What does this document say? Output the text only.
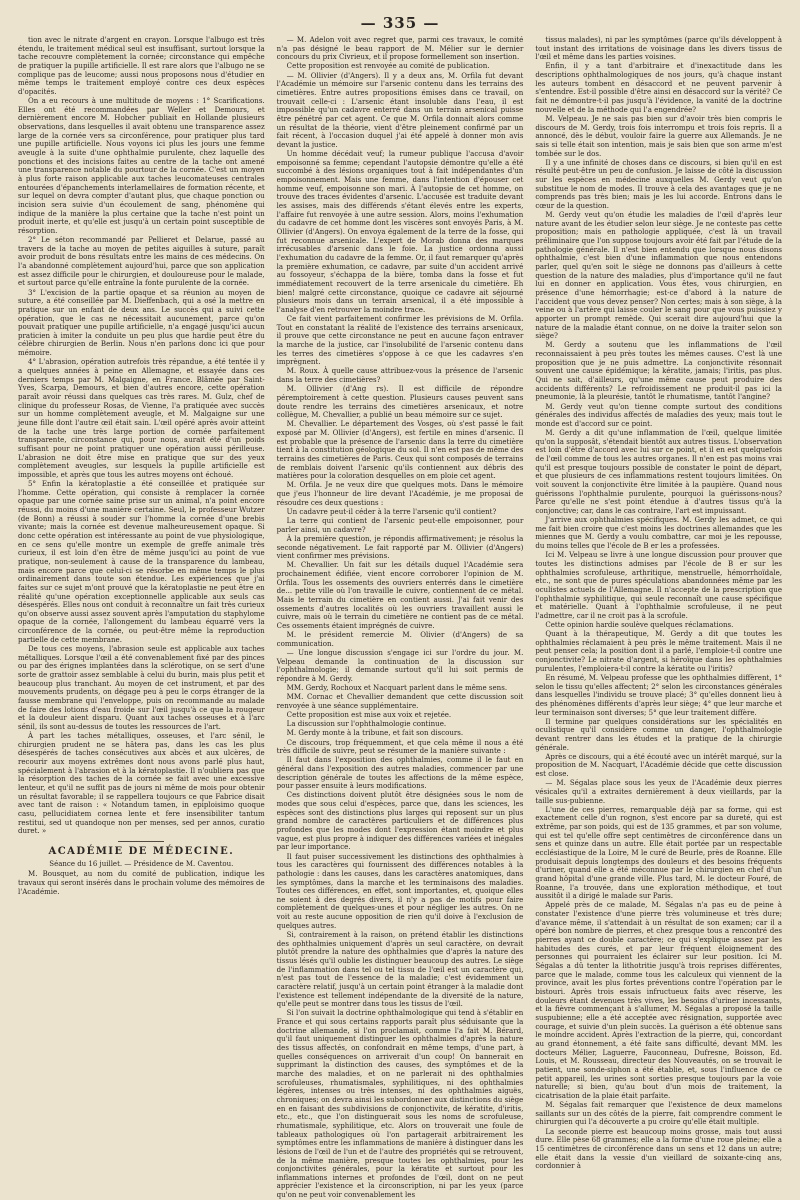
— 335 —

tion avec le nitrate d'argent en crayon. Lorsque l'albugo est très étendu, le traitement médical seul est insuffisant, surtout lorsque la tache recouvre complètement la cornée; circonstance qui empêche de pratiquer la pupille artificielle. Il est rare alors que l'albugo ne se complique pas de leucome; aussi nous proposons nous d'étudier en même temps le traitement employé contre ces deux espèces d'opacités.

On a eu recours à une multitude de moyens : 1° Scarifications. Elles ont été recommandées par Weller et Demours, et dernièrement encore M. Hobcher publiait en Hollande plusieurs observations, dans lesquelles il avait obtenu une transparence assez large de la cornée vers sa circonférence, pour pratiquer plus tard une pupille artificielle. Nous voyons ici plus les jours une femme aveugle à la suite d'une ophthalmie purulente, chez laquelle des ponctions et des incisions faites au centre de la tache ont amené une transparence notable du pourtour de la cornée. C'est un moyen à plus forte raison applicable aux taches leucomateuses centrales entourées d'épanchements interlamellaires de formation récente, et sur lequel on devra compter d'autant plus, que chaque ponction ou incision sera suivie d'un écoulement de sang, phénomène qui indique de la manière la plus certaine que la tache n'est point un produit inerte, et qu'elle est jusqu'à un certain point susceptible de résorption.

2° Le séton recommandé par Pellieret et Delarue, passé au travers de la tache au moyen de petites aiguilles à suture, paraît avoir produit de bons résultats entre les mains de ces médecins. On l'a abandonné complètement aujourd'hui, parce que son application est assez difficile pour le chirurgien, et douloureuse pour le malade, et surtout parce qu'elle entraîne la fonte purulente de la cornée.

3° L'excision de la partie opaque et sa réunion au moyen de suture, a été conseillée par M. Dieffenbach, qui a osé la mettre en pratique sur un enfant de deux ans. Le succès qui a suivi cette opération, que le cas ne nécessitait aucunement, parce qu'on pouvait pratiquer une pupille artificielle, n'a engagé jusqu'ici aucun praticien à imiter la conduite un peu plus que hardie peut être du célèbre chirurgien de Berlin. Nous n'en parlons donc ici que pour mémoire.

4° L'abrasion, opération autrefois très répandue, a été tentée il y a quelques années à peine en Allemagne, et essayée dans ces derniers temps par M. Malgaigne, en France. Blâmée par Saint-Yves, Scarpa, Demours, et bien d'autres encore, cette opération paraît avoir réussi dans quelques cas très rares. M. Gulz, chef de clinique du professeur Rosas, de Vienne, l'a pratiquée avec succès sur un homme complètement aveugle, et M. Malgaigne sur une jeune fille dont l'autre œil était sain. L'œil opéré après avoir atteint de la tache une très large portion de cornée parfaitement transparente, circonstance qui, pour nous, aurait été d'un poids suffisant pour ne point pratiquer une opération aussi périlleuse. L'abrasion ne doit être mise en pratique que sur des yeux complètement aveugles, sur lesquels la pupille artificielle est impossible, et après que tous les autres moyens ont échoué.

5° Enfin la kératoplastie a été conseillée et pratiquée sur l'homme. Cette opération, qui consiste à remplacer la cornée opaque par une cornée saine prise sur un animal, n'a point encore réussi, du moins d'une manière certaine. Seul, le professeur Wutzer (de Bonn) a réussi à souder sur l'homme la cornée d'une brebis vivante; mais la cornée est devenue malheureusement opaque. Si donc cette opération est intéressante au point de vue physiologique, en ce sens qu'elle montre un exemple de greffe animale très curieux, il est loin d'en être de même jusqu'ici au point de vue pratique, non-seulement à cause de la transparence du lambeau, mais encore parce que celui-ci se résorbe en même temps le plus ordinairement dans toute son étendue. Les expériences que j'ai faites sur ce sujet m'ont prouvé que la kératoplastie ne peut être en réalité qu'une opération exceptionnelle applicable aux seuls cas désespérés. Elles nous ont conduit à reconnaître un fait très curieux qu'on observe aussi assez souvent après l'amputation du staphylome opaque de la cornée, l'allongement du lambeau équarré vers la circonférence de la cornée, ou peut-être même la reproduction partielle de cette membrane.

De tous ces moyens, l'abrasion seule est applicable aux taches métalliques. Lorsque l'œil a été convenablement fixé par des pinces ou par des érignes implantées dans la sclérotique, on se sert d'une sorte de grattoir assez semblable à celui du burin, mais plus petit et beaucoup plus tranchant. Au moyen de cet instrument, et par des mouvements prudents, on dégage peu à peu le corps étranger de la fausse membrane qui l'enveloppe, puis on recommande au malade de faire des lotions d'eau froide sur l'œil jusqu'à ce que la rougeur et la douleur aient disparu. Quant aux taches osseuses et à l'arc sénil, ils sont au-dessus de toutes les ressources de l'art.

À part les taches métalliques, osseuses, et l'arc sénil, le chirurgien prudent ne se hâtera pas, dans les cas les plus désespérés de taches consécutives aux abcès et aux ulcères, de recourir aux moyens extrêmes dont nous avons parlé plus haut, spécialement à l'abrasion et à la kératoplastie. Il n'oubliera pas que la résorption des taches de la cornée se fait avec une excessive lenteur, et qu'il ne suffit pas de jours ni même de mois pour obtenir un résultat favorable; il se rappellera toujours ce que Fabrice disait avec tant de raison : « Notandum tamen, in epiploisimo quoque casu, pellucidiatem cornea lente et fere insensibiliter tantum restitui, sed ut quandoque non per menses, sed per annos, curatio duret. »

ACADÉMIE DE MÉDECINE.
Séance du 16 juillet. — Présidence de M. Caventou.

M. Bousquet, au nom du comité de publication, indique les travaux qui seront insérés dans le prochain volume des mémoires de l'Académie.

— M. Adelon voit avec regret que, parmi ces travaux, le comité n'a pas désigné le beau rapport de M. Mélier sur le dernier concours du prix Civrieux, et il propose formellement son insertion.

Cette proposition est renvoyée au comité de publication.

— M. Ollivier (d'Angers). Il y a deux ans, M. Orfila fut devant l'Académie un mémoire sur l'arsenic contenu dans les terrains des cimetières. Entre autres propositions émises dans ce travail, on trouvait celle-ci : L'arsenic étant insoluble dans l'eau, il est impossible qu'un cadavre enterré dans un terrain arsenical puisse être pénétré par cet agent. Ce que M. Orfila donnait alors comme un résultat de la théorie, vient d'être pleinement confirmé par un fait récent, à l'occasion duquel j'ai été appelé à donner mon avis devant la justice.

Un homme décédait veuf; la rumeur publique l'accusa d'avoir empoisonné sa femme; cependant l'autopsie démontre qu'elle a été succombé à des lésions organiques tout à fait indépendantes d'un empoisonnement. Mais une femme, dans l'intention d'épouser cet homme veuf, empoisonne son mari. À l'autopsie de cet homme, on trouve des traces évidentes d'arsenic. L'accusée est traduite devant les assises, mais des différends s'étant élevés entre les experts, l'affaire fut renvoyée à une autre session. Alors, moins l'exhumation du cadavre de cet homme dont les viscères sont envoyés Paris, à M. Ollivier (d'Angers). On envoya également de la terre de la fosse, qui fut reconnue arsenicale. L'expert de Morab donna des marques irrécusables d'arsenic dans le foie. La justice ordonna aussi l'exhumation du cadavre de la femme. Or, il faut remarquer qu'après la première exhumation, ce cadavre, par suite d'un accident arrivé au fossoyeur, s'échappa de la bière, tomba dans la fosse et fut immédiatement recouvert de la terre arsenicale du cimetière. Eh bien! malgré cette circonstance, quoique ce cadavre ait séjourné plusieurs mois dans un terrain arsenical, il a été impossible à l'analyse d'en retrouver la moindre trace.

Ce fait vient parfaitement confirmer les prévisions de M. Orfila. Tout en constatant la réalité de l'existence des terrains arsenicaux, il prouve que cette circonstance ne peut en aucune façon entraver la marche de la justice, car l'insolubilité de l'arsenic contenu dans les terres des cimetières s'oppose à ce que les cadavres s'en imprègnent.

M. Roux. À quelle cause attribuez-vous la présence de l'arsenic dans la terre des cimetières?

M. Ollivier (d'Ang rs). Il est difficile de répondre péremptoirement à cette question. Plusieurs causes peuvent sans doute rendre les terrains des cimetières arsenicaux, et notre collègue, M. Chevallier, a publié un beau mémoire sur ce sujet.

M. Chevallier. Le département des Vosges, où s'est passé le fait exposé par M. Ollivier (d'Angers), est fertile en mines d'arsenic. Il est probable que la présence de l'arsenic dans la terre du cimetière tient à la constitution géologique du sol. Il n'en est pas de même des terrains des cimetières de Paris. Ceux qui sont composés de terrains de remblais doivent l'arsenic qu'ils contiennent aux débris des matières pour la coloration desquelles on em ploie cet agent.

M. Orfila. Je ne veux dire que quelques mots. Dans le mémoire que j'eus l'honneur de lire devant l'Académie, je me proposai de résoudre ces deux questions :

Un cadavre peut-il céder à la terre l'arsenic qu'il contient?

La terre qui contient de l'arsenic peut-elle empoisonner, pour parler ainsi, un cadavre?

À la première question, je répondis affirmativement; je résolus la seconde négativement. Le fait rapporté par M. Ollivier (d'Angers) vient confirmer mes prévisions.

M. Chevallier. Un fait sur les détails duquel l'Académie sera prochainement édifiée, vient encore corroborer l'opinion de M. Orfila. Tous les ossements des ouvriers enterrés dans le cimetière de... petite ville où l'on travaille le cuivre, contiennent de ce métal. Mais le terrain du cimetière en contient aussi. J'ai fait venir des ossements d'autres localités où les ouvriers travaillent aussi le cuivre, mais où le terrain du cimetière ne contient pas de ce métal. Ces ossements étaient imprégnés de cuivre.

M. le président remercie M. Olivier (d'Angers) de sa communication.

— Une longue discussion s'engage ici sur l'ordre du jour. M. Velpeau demande la continuation de la discussion sur l'ophthalmologie; il demande surtout qu'il lui soit permis de répondre à M. Gerdy.

MM. Gerdy, Rochoux et Nacquart parlent dans le même sens.

MM. Cornac et Chevallier demandent que cette discussion soit renvoyée à une séance supplémentaire.

Cette proposition est mise aux voix et rejetée.

La discussion sur l'ophthalmologie continue.

M. Gerdy monte à la tribune, et fait son discours.

Ce discours, trop fréquemment, et que cela même il nous a été très difficile de suivre, peut se résumer de la manière suivante :

Il faut dans l'exposition des ophthalmies, comme il le faut en général dans l'exposition des autres maladies, commencer par une description générale de toutes les affections de la même espèce, pour passer ensuite à leurs modifications.

Ces distinctions doivent plutôt être désignées sous le nom de modes que sous celui d'espèces, parce que, dans les sciences, les espèces sont des distinctions plus larges qui reposent sur un plus grand nombre de caractères particuliers et de différences plus profondes que les modes dont l'expression étant moindre et plus vague, est plus propre à indiquer des différences variées et inégales par leur importance.

Il faut puiser successivement les distinctions des ophthalmies à tous les caractères qui fournissent des différences notables à la pathologie : dans les causes, dans les caractères anatomiques, dans les symptômes, dans la marche et les terminaisons des maladies. Toutes ces différences, en effet, sont importantes, et, quoique elles ne soient à des degrés divers, il n'y a pas de motifs pour faire complètement de quelques-unes et pour négliger les autres. On ne voit au reste aucune opposition de rien qu'il doive à l'exclusion de quelques autres.

Si, contrairement à la raison, on prétend établir les distinctions des ophthalmies uniquement d'après un seul caractère, on devrait plutôt prendre la nature des ophthalmies que d'après la nature des tissus lésés qu'il oublie les distinguer beaucoup des autres. Le siège de l'inflammation dans tel ou tel tissu de l'œil est un caractère qui, n'est pas tout de l'essence de la maladie; c'est évidemment un caractère relatif, jusqu'à un certain point étranger à la maladie dont l'existence est tellement indépendante de la diversité de la nature, qu'elle peut se montrer dans tous les tissus de l'œil.

Si l'on suivait la doctrine ophthalmologique qui tend à s'établir en France et qui sous certains rapports paraît plus séduisante que la doctrine allemande, si l'on proclamait, comme l'a fait M. Bérard, qu'il faut uniquement distinguer les ophthalmies d'après la nature des tissus affectés, on confondrait en même temps, d'une part, à quelles conséquences on arriverait d'un coup! On bannerait en supprimant la distinction des causes, des symptômes et de la marche des maladies, et on ne parlerait ni des ophthalmies scrofuleuses, rhumatismales, syphilitiques, ni des ophthalmies légères, intenses ou très intenses, ni des ophthalmies aiguës, chroniques; on devra ainsi les subordonner aux distinctions du siège en en faisant des subdivisions de conjonctivite, de kératite, d'iritis, etc., etc., que l'on distinguerait sous les noms de scrofuleuse, rhumatismale, syphilitique, etc. Alors on trouverait une foule de tableaux pathologiques où l'on partagerait arbitrairement les symptômes entre les inflammations de manière à distinguer dans les lésions de l'œil de l'un et de l'autre des propriétés qui se retrouvent, de la même manière, presque toutes les ophthalmies, pour les conjonctivites générales, pour la kératite et surtout pour les inflammations internes et profondes de l'œil, dont on ne peut apprécier l'existence et la circonscription, ni par les yeux (parce qu'on ne peut voir convenablement les

tissus malades), ni par les symptômes (parce qu'ils développent à tout instant des irritations de voisinage dans les divers tissus de l'œil et même dans les parties voisines.

Enfin, il y a tant d'arbitraire et d'inexactitude dans les descriptions ophthalmologiques de nos jours, qu'à chaque instant les auteurs tombent en désaccord et ne peuvent parvenir à s'entendre. Est-il possible d'être ainsi en désaccord sur la vérité? Ce fait ne démontre-t-il pas jusqu'à l'évidence, la vanité de la doctrine nouvelle et de la méthode qui l'a engendrée?

M. Velpeau. Je ne sais pas bien sur d'avoir très bien compris le discours de M. Gerdy, trois fois interrompu et trois fois repris. Il a annoncé, dès le début, vouloir faire la guerre aux Allemands. Je ne sais si telle était son intention, mais je sais bien que son arme m'est tombée sur le dos.

Il y a une infinité de choses dans ce discours, si bien qu'il en est résulté peut-être un peu de confusion. Je laisse de côté la discussion sur les espèces en médecine auxquelles M. Gerdy veut qu'on substitue le nom de modes. Il trouve à cela des avantages que je ne comprends pas très bien; mais je les lui accorde. Entrons dans le cœur de la question.

M. Gerdy veut qu'on étudie les maladies de l'œil d'après leur nature avant de les étudier selon leur siège. Je ne conteste pas cette proposition; mais en pathologie appliquée, c'est là un travail préliminaire que l'on suppose toujours avoir été fait par l'étude de la pathologie générale. Il n'est bien entendu que lorsque nous disons ophthalmie, c'est bien d'une inflammation que nous entendons parler, quel qu'en soit le siège ne donnons pas d'ailleurs à cette question de la nature des maladies, plus d'importance qu'il ne faut lui en donner en application. Vous êtes, vous chirurgien, en présence d'une hémorrhagie; est-ce d'abord à la nature de l'accident que vous devez penser? Non certes; mais à son siège, à la veine ou à l'artère qui laisse couler le sang pour que vous puissiez y apporter un prompt remède. Qui scerait dire aujourd'hui que la nature de la maladie étant connue, on ne doive la traiter selon son siège?

M. Gerdy a soutenu que les inflammations de l'œil reconnaissaient à peu près toutes les mêmes causes. C'est là une proposition que je ne puis admettre. La conjonctivite résonnait souvent une cause épidémique; la kératite, jamais; l'iritis, pas plus. Qui ne sait, d'ailleurs, qu'une même cause peut produire des accidents différents? Le refroidissement ne produit-il pas ici la pneumonie, là la pleurésie, tantôt le rhumatisme, tantôt l'angine?

M. Gerdy veut qu'on tienne compte surtout des conditions générales des individus affectés de maladies des yeux; mais tout le monde est d'accord sur ce point.

M. Gerdy a dit qu'une inflammation de l'œil, quelque limitée qu'on la supposât, s'étendait bientôt aux autres tissus. L'observation est loin d'être d'accord avec lui sur ce point, et il en est quelquefois de l'œil comme de tous les autres organes. Il n'en est pas moins vrai qu'il est presque toujours possible de constater le point de départ, et que plusieurs de ces inflammations restent toujours limitées. On voit souvent la conjonctivite être limitée à la paupière. Quand nous guérissons l'ophthalmie purulente, pourquoi la guérissons-nous? Parce qu'elle ne s'est point étendue à d'autres tissus qu'à la conjonctive; car, dans le cas contraire, l'art est impuissant.

J'arrive aux ophthalmies spécifiques. M. Gerdy les admet, ce qui me fait bien croire que c'est moins les doctrines allemandes que les miennes que M. Gerdy a voulu combattre, car moi je les repousse, du moins telles que l'école de B er les a professées.

Ici M. Velpeau se livre à une longue discussion pour prouver que toutes les distinctions admises par l'école de B er sur les ophthalmies scrofuleuse, arthritique, menstruelle, hémorrhoïdale, etc., ne sont que de pures spéculations abandonnées même par les oculistes actuels de l'Allemagne. Il n'accepte de la prescription que l'ophthalmie syphilitique, qui seule reconnaît une cause spécifique et matérielle. Quant à l'ophthalmie scrofuleuse, il ne peut l'admettre, car il ne croit pas à la scrofule.

Cette opinion hardie soulève quelques réclamations.

Quant à la thérapeutique, M. Gerdy a dit que toutes les ophthalmies réclamaient à peu près le même traitement. Mais il ne peut penser cela; la position dont il a parlé, l'emploie-t-il contre une conjonctivite? Le nitrate d'argent, si héroïque dans les ophthalmies purulentes, l'emploiera-t-il contre la kératite ou l'iritis?

En résumé, M. Velpeau professe que les ophthalmies diffèrent, 1° selon le tissu qu'elles affectent; 2° selon les circonstances générales dans lesquelles l'individu se trouve placé; 3° qu'elles donnent lieu à des phénomènes différents d'après leur siège; 4° que leur marche et leur terminaison sont diverses; 5° que leur traitement diffère.

Il termine par quelques considérations sur les spécialités en oculistique qu'il considère comme un danger, l'ophthalmologie devant rentrer dans les études et la pratique de la chirurgie générale.

Après ce discours, qui a été écouté avec un intérêt marqué, sur la proposition de M. Nacquart, l'Académie décide que cette discussion est close.

— M. Ségalas place sous les yeux de l'Académie deux pierres vésicales qu'il a extraites dernièrement à deux vieillards, par la taille sus-pubienne.

L'une de ces pierres, remarquable déjà par sa forme, qui est exactement celle d'un rognon, s'est encore par sa dureté, qui est extrême, par son poids, qui est de 135 grammes, et par son volume, qui est tel qu'elle offre sept centimètres de circonférence dans un sens et quinze dans un autre. Elle était portée par un respectable ecclésiastique de la Loire, M le curé de Beurle, près de Roanne. Elle produisait depuis longtemps des douleurs et des besoins fréquents d'uriner, quand elle a été méconnue par le chirurgien en chef d'un grand hôpital d'une grande ville. Plus tard, M. le docteur Fouré, de Roanne, l'a trouvée, dans une exploration méthodique, et tout aussitôt il a dirigé le malade sur Paris.

Appelé près de ce malade, M. Ségalas n'a pas eu de peine à constater l'existence d'une pierre très volumineuse et très dure; d'avance même, il s'attendait à un résultat de son examen; car il a opéré bon nombre de pierres, et chez presque tous a rencontré des pierres ayant ce double caractère; ce qui s'explique assez par les habitudes des curés, et par leur fréquent éloignement des personnes qui pourraient les éclairer sur leur position. Ici M. Ségalas a dû tenter la lithotritie jusqu'à trois reprises différentes, parce que le malade, comme tous les calculeux qui viennent de la province, avait les plus fortes préventions contre l'opération par le bistouri. Après trois essais infructueux faits avec réserve, les douleurs étant devenues très vives, les besoins d'uriner incessants, et la fièvre commençant à s'allumer, M. Ségalas a proposé la taille suspubienne; elle a été acceptée avec résignation, supportée avec courage, et suivie d'un plein succès. La guérison a été obtenue sans le moindre accident. Après l'extraction de la pierre, qui, concordant au grand étonnement, a été faite sans difficulté, devant MM. les docteurs Mélier, Laguerre, Fauconneau, Dufresne, Boisson, Ed. Louis, et M. Rousseau, directeur des Nouveautés, on se trouvait le patient, une sonde-siphon a été établie, et, sous l'influence de ce petit appareil, les urines sont sorties presque toujours par la voie naturelle; si bien, qu'au bout d'un mois de traitement, la cicatrisation de la plaie était parfaite.

M. Ségalas fait remarquer que l'existence de deux mamelons saillants sur un des côtés de la pierre, fait comprendre comment le chirurgien qui l'a découverte a pu croire qu'elle était multiple.

La seconde pierre est beaucoup moins grosse, mais tout aussi dure. Elle pèse 68 grammes; elle a la forme d'une roue pleine; elle a 15 centimètres de circonférence dans un sens et 12 dans un autre; elle était dans la vessie d'un vieillard de soixante-cinq ans, cordonnier à
